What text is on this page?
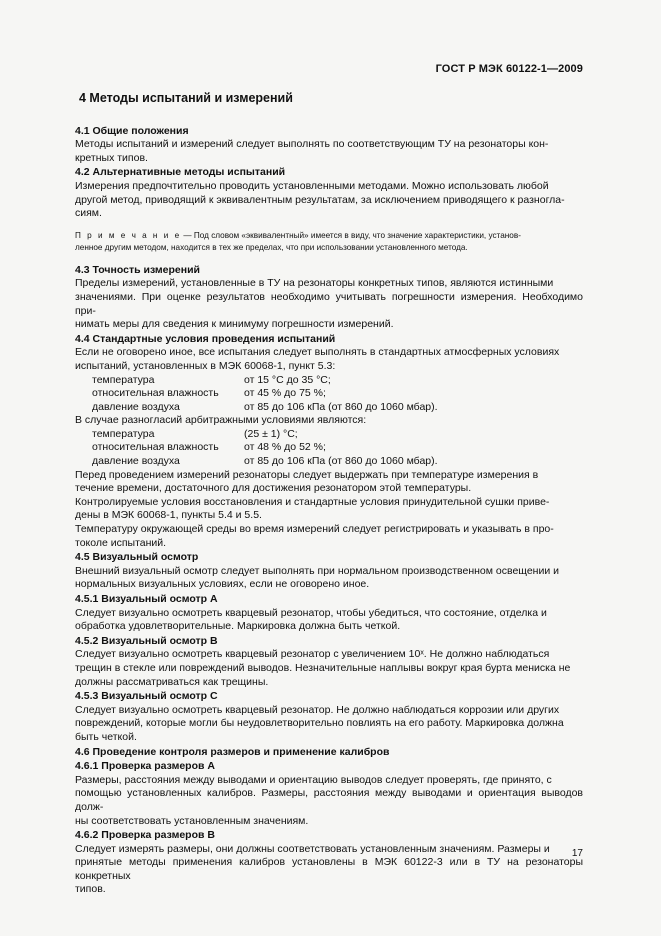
ГОСТ Р МЭК 60122-1—2009
4 Методы испытаний и измерений
4.1 Общие положения
Методы испытаний и измерений следует выполнять по соответствующим ТУ на резонаторы кон-
кретных типов.
4.2 Альтернативные методы испытаний
Измерения предпочтительно проводить установленными методами. Можно использовать любой
другой метод, приводящий к эквивалентным результатам, за исключением приводящего к разногла-
сиям.
П р и м е ч а н и е — Под словом «эквивалентный» имеется в виду, что значение характеристики, установ-
ленное другим методом, находится в тех же пределах, что при использовании установленного метода.
4.3 Точность измерений
Пределы измерений, установленные в ТУ на резонаторы конкретных типов, являются истинными
значениями. При оценке результатов необходимо учитывать погрешности измерения. Необходимо при-
нимать меры для сведения к минимуму погрешности измерений.
4.4 Стандартные условия проведения испытаний
Если не оговорено иное, все испытания следует выполнять в стандартных атмосферных условиях
испытаний, установленных в МЭК 60068-1, пункт 5.3:
температура	от 15 °С до 35 °С;
относительная влажность	от 45 % до 75 %;
давление воздуха	от 85 до 106 кПа (от 860 до 1060 мбар).
В случае разногласий арбитражными условиями являются:
температура	(25 ± 1) °С;
относительная влажность	от 48 % до 52 %;
давление воздуха	от 85 до 106 кПа (от 860 до 1060 мбар).
Перед проведением измерений резонаторы следует выдержать при температуре измерения в
течение времени, достаточного для достижения резонатором этой температуры.
Контролируемые условия восстановления и стандартные условия принудительной сушки приве-
дены в МЭК 60068-1, пункты 5.4 и 5.5.
Температуру окружающей среды во время измерений следует регистрировать и указывать в про-
токоле испытаний.
4.5 Визуальный осмотр
Внешний визуальный осмотр следует выполнять при нормальном производственном освещении и
нормальных визуальных условиях, если не оговорено иное.
4.5.1 Визуальный осмотр А
Следует визуально осмотреть кварцевый резонатор, чтобы убедиться, что состояние, отделка и
обработка удовлетворительные. Маркировка должна быть четкой.
4.5.2 Визуальный осмотр В
Следует визуально осмотреть кварцевый резонатор с увеличением 10ˣ. Не должно наблюдаться
трещин в стекле или повреждений выводов. Незначительные наплывы вокруг края бурта мениска не
должны рассматриваться как трещины.
4.5.3 Визуальный осмотр С
Следует визуально осмотреть кварцевый резонатор. Не должно наблюдаться коррозии или других
повреждений, которые могли бы неудовлетворительно повлиять на его работу. Маркировка должна
быть четкой.
4.6 Проведение контроля размеров и применение калибров
4.6.1 Проверка размеров А
Размеры, расстояния между выводами и ориентацию выводов следует проверять, где принято, с
помощью установленных калибров. Размеры, расстояния между выводами и ориентация выводов долж-
ны соответствовать установленным значениям.
4.6.2 Проверка размеров В
Следует измерять размеры, они должны соответствовать установленным значениям. Размеры и
принятые методы применения калибров установлены в МЭК 60122-3 или в ТУ на резонаторы конкретных
типов.
17
